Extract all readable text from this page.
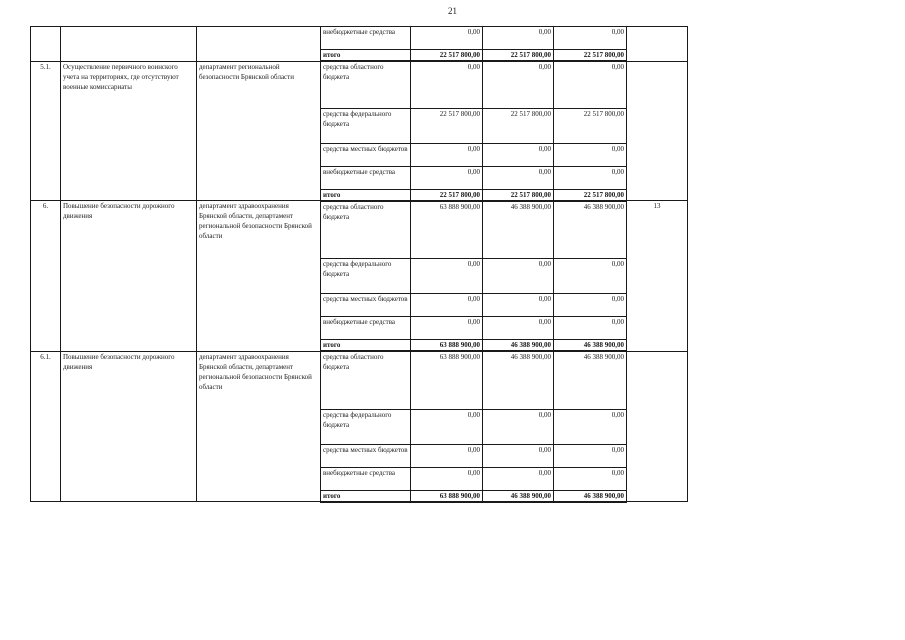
21
			внебюджетные средства	0,00	0,00	0,00	
			итого	22 517 800,00	22 517 800,00	22 517 800,00	
5.1.	Осуществление первичного воинского учета на территориях, где отсутствуют военные комиссариаты	департамент региональной безопасности Брянской области	средства областного бюджета	0,00	0,00	0,00	
			средства федерального бюджета	22 517 800,00	22 517 800,00	22 517 800,00	
			средства местных бюджетов	0,00	0,00	0,00	
			внебюджетные средства	0,00	0,00	0,00	
			итого	22 517 800,00	22 517 800,00	22 517 800,00	
6.	Повышение безопасности дорожного движения	департамент здравоохранения Брянской области, департамент региональной безопасности Брянской области	средства областного бюджета	63 888 900,00	46 388 900,00	46 388 900,00	13
			средства федерального бюджета	0,00	0,00	0,00	
			средства местных бюджетов	0,00	0,00	0,00	
			внебюджетные средства	0,00	0,00	0,00	
			итого	63 888 900,00	46 388 900,00	46 388 900,00	
6.1.	Повышение безопасности дорожного движения	департамент здравоохранения Брянской области, департамент региональной безопасности Брянской области	средства областного бюджета	63 888 900,00	46 388 900,00	46 388 900,00	
			средства федерального бюджета	0,00	0,00	0,00	
			средства местных бюджетов	0,00	0,00	0,00	
			внебюджетные средства	0,00	0,00	0,00	
			итого	63 888 900,00	46 388 900,00	46 388 900,00	
